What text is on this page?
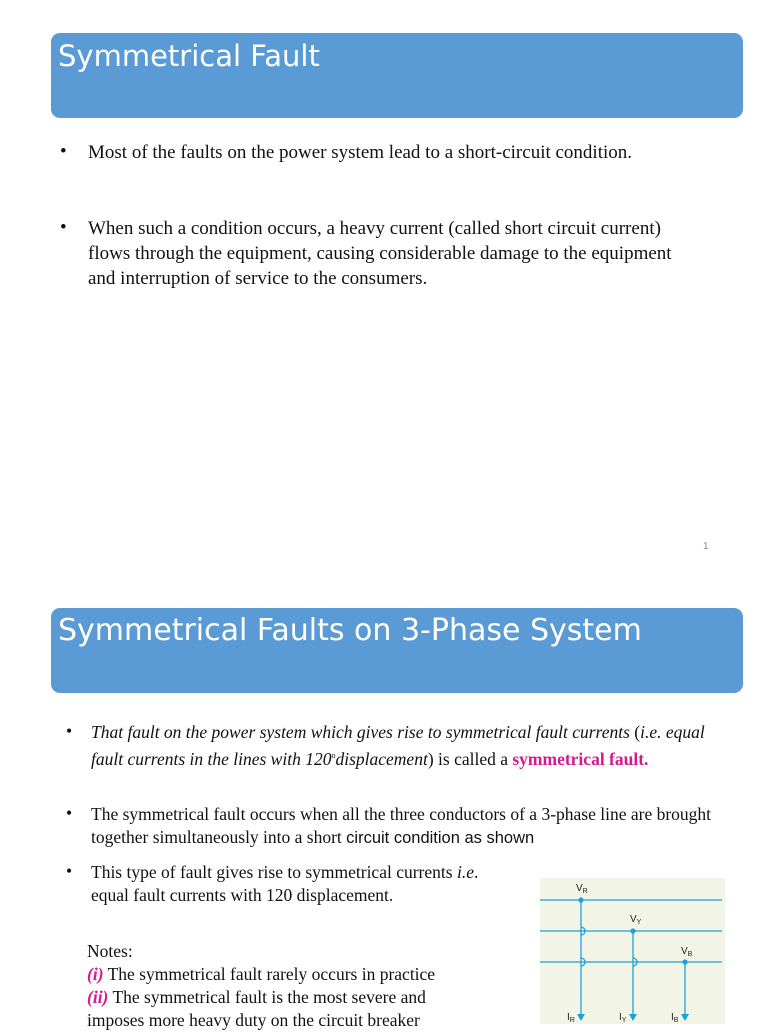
Symmetrical Fault
• Most of the faults on the power system lead to a short-circuit condition.

• When such a condition occurs, a heavy current (called short circuit current) flows through the equipment, causing considerable damage to the equipment and interruption of service to the consumers.

1
Symmetrical Faults on 3-Phase System
• That fault on the power system which gives rise to symmetrical fault currents (i.e. equal fault currents in the lines with 120$^o$displacement) is called a symmetrical fault.

• The symmetrical fault occurs when all the three conductors of a 3-phase line are brought together simultaneously into a short circuit condition as shown

• This type of fault gives rise to symmetrical currents i.e. equal fault currents with 120 displacement.

Notes:
(i) The symmetrical fault rarely occurs in practice
(ii) The symmetrical fault is the most severe and imposes more heavy duty on the circuit breaker
$V_R$
$V_Y$
$V_B$
$I_R$	$I_Y$	$I_B$
